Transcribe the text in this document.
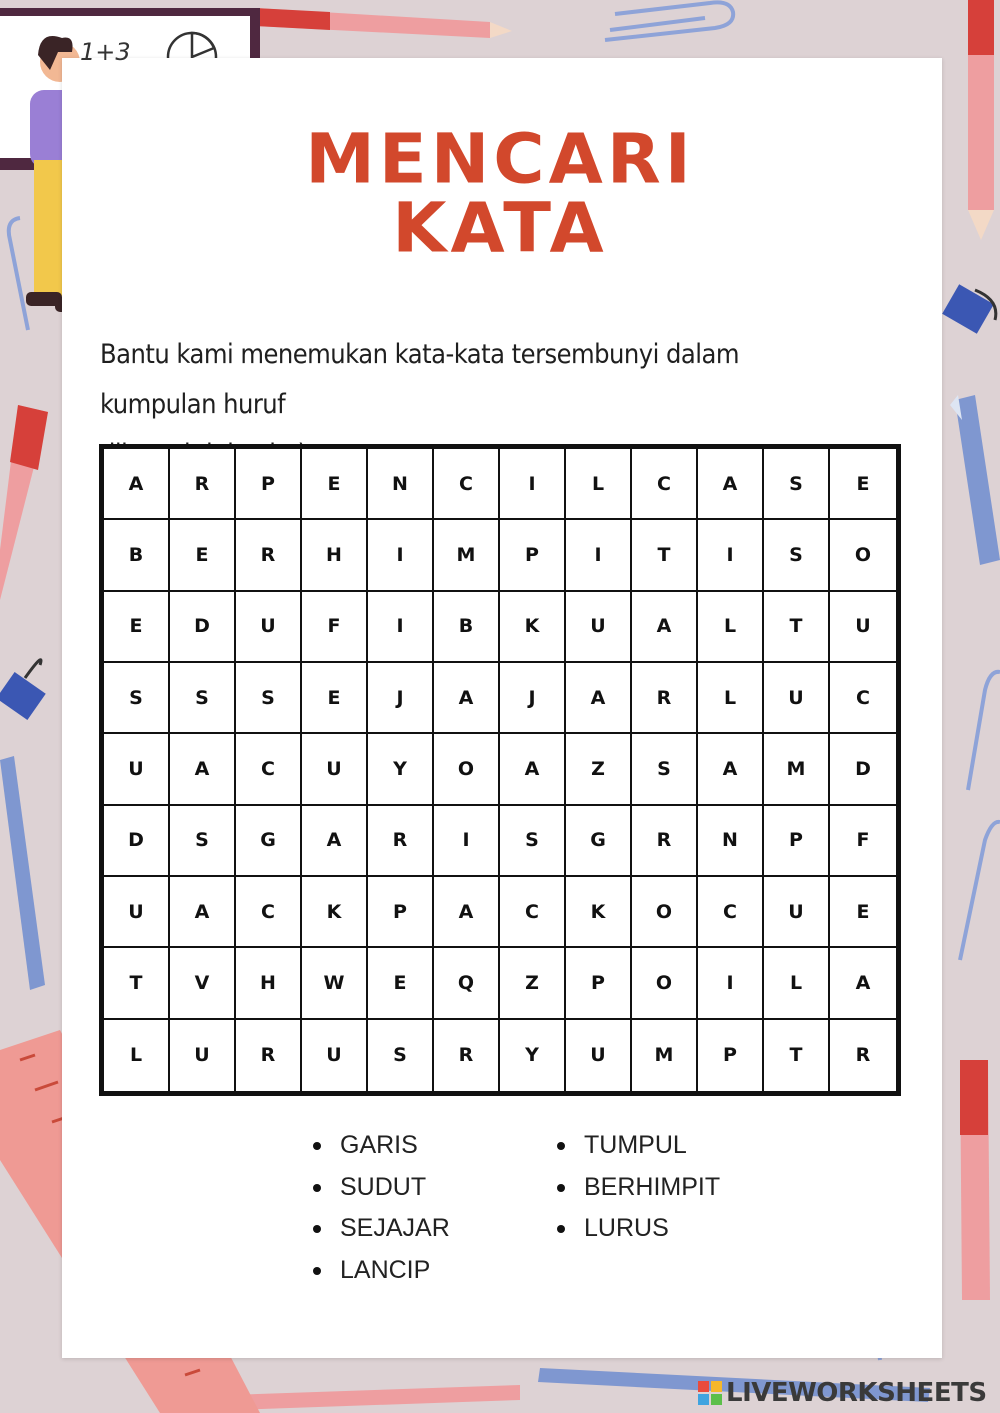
1+3
MENCARI
KATA
Bantu kami menemukan kata-kata tersembunyi dalam kumpulan huruf
A	R	P	E	N	C	I	L	C	A	S	E
B	E	R	H	I	M	P	I	T	I	S	O
E	D	U	F	I	B	K	U	A	L	T	U
S	S	S	E	J	A	J	A	R	L	U	C
U	A	C	U	Y	O	A	Z	S	A	M	D
D	S	G	A	R	I	S	G	R	N	P	F
U	A	C	K	P	A	C	K	O	C	U	E
T	V	H	W	E	Q	Z	P	O	I	L	A
L	U	R	U	S	R	Y	U	M	P	T	R
GARIS
SUDUT
SEJAJAR
LANCIP
TUMPUL
BERHIMPIT
LURUS
LIVEWORKSHEETS
